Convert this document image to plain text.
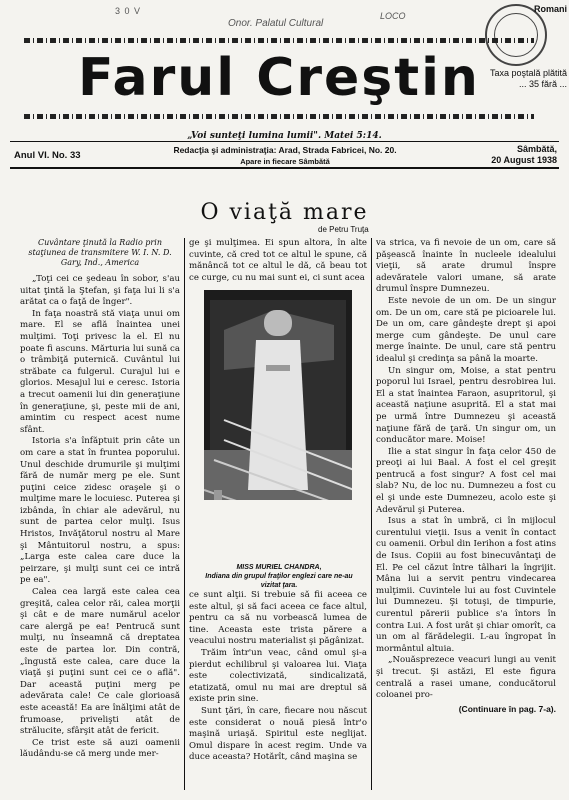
3 0 V
Onor. Palatul Cultural
LOCO
Romani
Taxa poştală plătită
... 35 fără ...
Farul Creştin
„Voi sunteţi lumina lumii". Matei 5:14.
Anul VI. No. 33	Redacţia şi administraţia: Arad, Strada Fabricei, No. 20.
Apare in fiecare Sâmbătă
Sâmbătă,
20 August 1938
O viaţă mare
de Petru Truţa
Cuvântare ţinută la Radio prin staţiunea de transmitere W. I. N. D. Gary, Ind., America

„Toţi cei ce şedeau în sobor, s'au uitat ţintă la Ştefan, şi faţa lui li s'a arătat ca o faţă de înger".

In faţa noastră stă viaţa unui om mare. El se află înaintea unei mulţimi. Toţi privesc la el. El nu poate fi ascuns. Mărturia lui sună ca o trâmbiţă puternică. Cuvântul lui străbate ca fulgerul. Curajul lui e glorios. Mesajul lui e ceresc. Istoria a trecut oamenii lui din generaţiune în generaţiune, şi, peste mii de ani, amintim cu respect acest nume sfânt.

Istoria s'a înfăptuit prin câte un om care a stat în fruntea poporului. Unul deschide drumurile şi mulţimi fără de număr merg pe ele. Sunt puţini ceice zidesc oraşele şi o mulţime mare le locuiesc. Puterea şi izbânda, în chiar ale adevărul, nu sunt de partea celor mulţi. Isus Hristos, Invăţătorul nostru al Mare şi Mântuitorul nostru, a spus: „Larga este calea care duce la peirzare, şi mulţi sunt cei ce intră pe ea".

Calea cea largă este calea cea greşită, calea celor răi, calea morţii şi cât e de mare numărul acelor care alergă pe ea! Pentrucă sunt mulţi, nu înseamnă că dreptatea este de partea lor. Din contră, „îngustă este calea, care duce la viaţă şi puţini sunt cei ce o află". Dar această puţini merg pe adevărata cale! Ce cale glorioasă este această! Ea are înălţimi atât de frumoase, privelişti atât de strălucite, sfârşit atât de fericit.

Ce trist este să auzi oamenii lăudându-se că merg unde mer-

ge şi mulţimea. Ei spun altora, în alte cuvinte, că cred tot ce altul le spune, că mănâncă tot ce altul le dă, că beau tot ce curge, cu nu mai sunt ei, ci sunt acea

MISS MURIEL CHANDRA,
Indiana din grupul fraţilor englezi care ne-au vizitat ţara.

ce sunt alţii. Si trebuie să fii aceea ce este altul, şi să faci aceea ce face altul, pentru ca să nu vorbească lumea de tine. Aceasta este trista părere a veacului nostru materialist şi păgânizat.

Trăim într'un veac, când omul şi-a pierdut echilibrul şi valoarea lui. Viaţa este colectivizată, sindicalizată, etatizată, omul nu mai are dreptul să existe prin sine.

Sunt ţări, în care, fiecare nou născut este considerat o nouă piesă într'o maşină uriaşă. Spiritul este neglijat. Omul dispare în acest regim. Unde va duce aceasta? Hotărît, când maşina se

va strica, va fi nevoie de un om, care să păşească înainte în nucleele idealului vieţii, să arate drumul înspre adevăratele valori umane, să arate drumul înspre Dumnezeu.

Este nevoie de un om. De un singur om. De un om, care stă pe picioarele lui. De un om, care gândeşte drept şi apoi merge cum gândeşte. De unul care merge înainte. De unul, care stă pentru idealul şi credinţa sa până la moarte.

Un singur om, Moise, a stat pentru poporul lui Israel, pentru desrobirea lui. El a stat înaintea Faraon, asupritorul, şi această naţiune asuprită. El a stat mai pe urmă între Dumnezeu şi această naţiune fără de ţară. Un singur om, un conducător mare. Moise!

Ilie a stat singur în faţa celor 450 de preoţi ai lui Baal. A fost el cel greşit pentrucă a fost singur? A fost cel mai slab? Nu, de loc nu. Dumnezeu a fost cu el şi unde este Dumnezeu, acolo este şi Adevărul şi Puterea.

Isus a stat în umbră, ci în mijlocul curentului vieţii. Isus a venit în contact cu oamenii. Orbul din Ierihon a fost atins de Isus. Copiii au fost binecuvântaţi de El. Pe cel căzut între tâlhari la îngrijit. Mâna lui a servit pentru vindecarea mulţimii. Cuvintele lui au fost Cuvintele lui Dumnezeu. Şi totuşi, de timpurie, curentul părerii publice s'a întors în contra Lui. A fost urât şi chiar omorît, ca un om al fărădelegii. L-au îngropat în mormântul altuia.

„Nouăsprezece veacuri lungi au venit şi trecut. Şi astăzi, El este figura centrală a rasei umane, conducătorul coloanei pro-

(Continuare în pag. 7-a).
